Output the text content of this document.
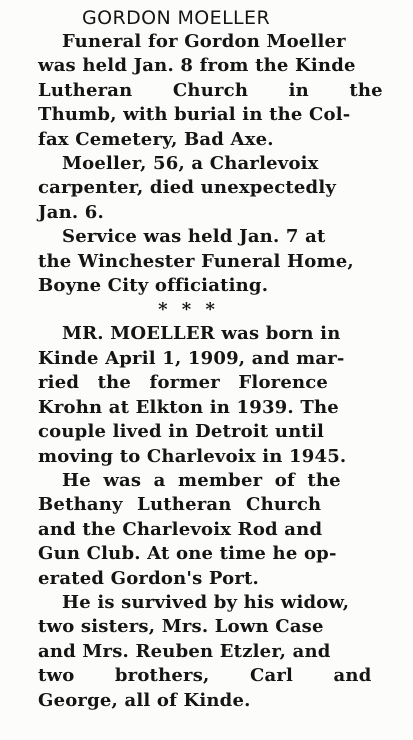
GORDON MOELLER
Funeral for Gordon Moeller
was held Jan. 8 from the Kinde
Lutheran Church in the
Thumb, with burial in the Col-
fax Cemetery, Bad Axe.
Moeller, 56, a Charlevoix
carpenter, died unexpectedly
Jan. 6.
Service was held Jan. 7 at
the Winchester Funeral Home,
Boyne City officiating.
* * *
MR. MOELLER was born in
Kinde April 1, 1909, and mar-
ried the former Florence
Krohn at Elkton in 1939. The
couple lived in Detroit until
moving to Charlevoix in 1945.
He was a member of the
Bethany Lutheran Church
and the Charlevoix Rod and
Gun Club. At one time he op-
erated Gordon's Port.
He is survived by his widow,
two sisters, Mrs. Lown Case
and Mrs. Reuben Etzler, and
two brothers, Carl and
George, all of Kinde.
